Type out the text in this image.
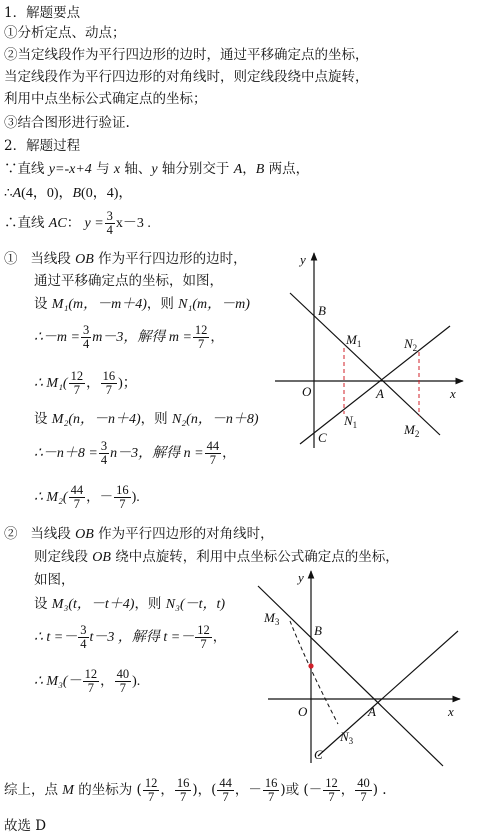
1．解题要点
①分析定点、动点；
②当定线段作为平行四边形的边时，通过平移确定点的坐标，
当定线段作为平行四边形的对角线时，则定线段绕中点旋转，
利用中点坐标公式确定点的坐标；
③结合图形进行验证.
2．解题过程
∵直线 y=-x+4 与 x 轴、y 轴分别交于 A，B 两点，
∴A(4，0)，B(0，4)，
∴直线 AC： $y = \frac{3}{4} x-3$ .
① 当线段 OB 作为平行四边形的边时，
通过平移确定点的坐标，如图，
设 M₁(m，－m＋4)，则 N₁(m，－m)
∴－m = $\frac{3}{4} m-3$，解得 $m = \frac{12}{7}$ ，
∴ $M_1( \frac{12}{7}$ ， $\frac{16}{7}$ )；
设 M₂(n，－n＋4)，则 N₂(n，－n＋8)
∴－n＋8 = $\frac{3}{4} n-3$，解得 $n = \frac{44}{7}$ ，
∴ $M_2( \frac{44}{7}$ ，－ $\frac{16}{7}$ ).
y
x
O	A
B
C
$M_1$
$N_1$
$N_2$
$M_2$
② 当线段 OB 作为平行四边形的对角线时，
则定线段 OB 绕中点旋转，利用中点坐标公式确定点的坐标，
如图，
设 M₃(t，－t＋4)，则 N₃(－t，t)
∴ $t =- \frac{3}{4} t-3$ ，解得 $t =- \frac{12}{7}$ ，
∴ $M_3(- \frac{12}{7}$ ， $\frac{40}{7}$ ).
y
x
O	A
B
C
$M_3$
$N_3$
综上，点 M 的坐标为 ( $\frac{12}{7}$ ， $\frac{16}{7}$ )，( $\frac{44}{7}$ ，－ $\frac{16}{7}$ )或 (－ $\frac{12}{7}$ ， $\frac{40}{7}$ ) .
故选 D
